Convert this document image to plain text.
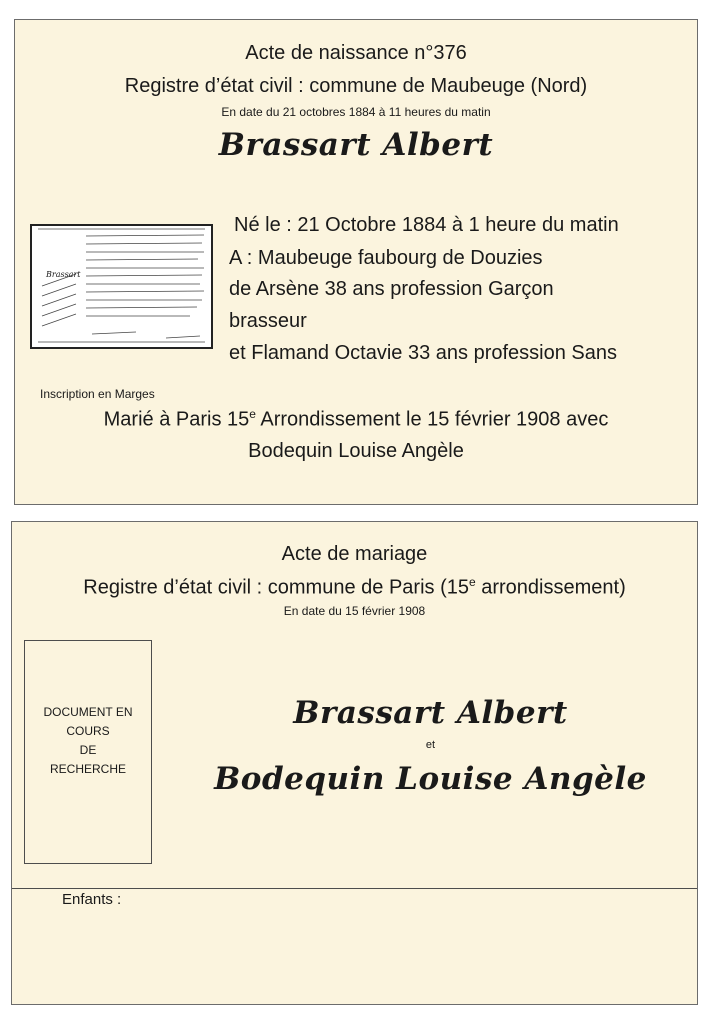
Acte de naissance n°376
Registre d’état civil : commune de Maubeuge (Nord)
En date du 21 octobres 1884 à 11 heures du matin
Brassart Albert
Brassart
Né le : 21 Octobre 1884 à 1 heure du matin
A : Maubeuge faubourg de Douzies
de Arsène 38 ans profession Garçon
brasseur
et Flamand Octavie 33 ans profession Sans
Inscription en Marges
Marié à Paris 15e Arrondissement le 15 février 1908 avec
Bodequin Louise Angèle
Acte de mariage
Registre d’état civil : commune de Paris (15e arrondissement)
En date du 15 février 1908
DOCUMENT EN
COURS
DE
RECHERCHE
Brassart Albert
et
Bodequin Louise Angèle
Enfants :
